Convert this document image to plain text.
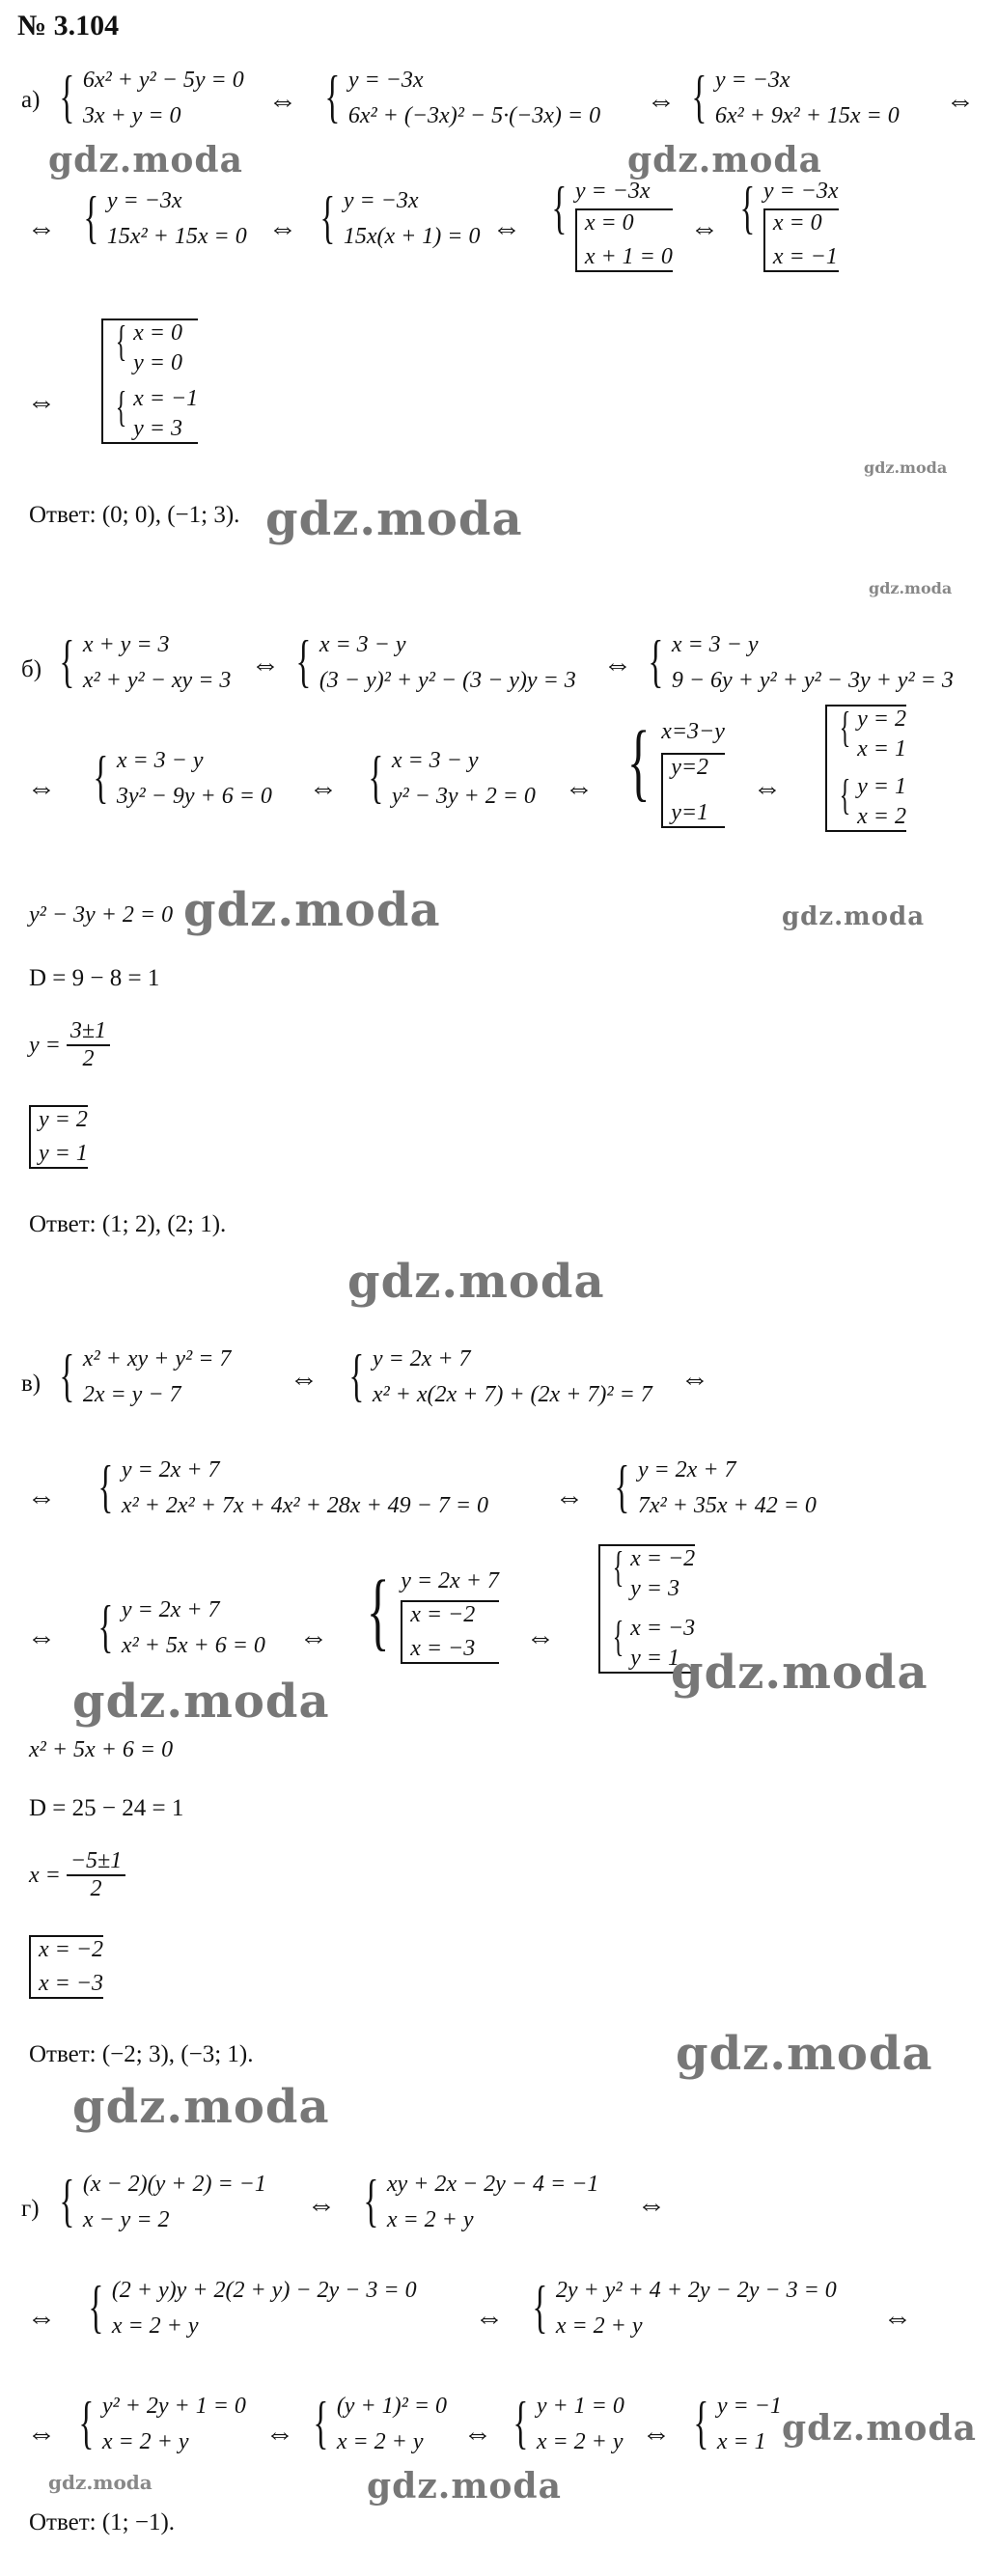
№ 3.104
а) { 6x² + y² − 5y = 0
3x + y = 0	⇔ { y = −3x
6x² + (−3x)² − 5·(−3x) = 0 ⇔ { y = −3x
6x² + 9x² + 15x = 0 ⇔
⇔ { y = −3x
15x² + 15x = 0 ⇔ { y = −3x
15x(x + 1) = 0 ⇔ { y = −3x
x = 0
x + 1 = 0
⇔ { y = −3x
x = 0
x = −1
⇔
{ x = 0
y = 0
{ x = −1
y = 3
Ответ: (0; 0), (−1; 3).
б) { x + y = 3
x² + y² − xy = 3 ⇔ { x = 3 − y
(3 − y)² + y² − (3 − y)y = 3 ⇔ { x = 3 − y
9 − 6y + y² + y² − 3y + y² = 3
⇔ { x = 3 − y
3y² − 9y + 6 = 0 ⇔ { x = 3 − y
y² − 3y + 2 = 0 ⇔ { x=3−y
y=2
y=1
⇔
{ y = 2
x = 1
{ y = 1
x = 2
y² − 3y + 2 = 0
D = 9 − 8 = 1
$y = \frac{3\pm 1}{2}$
y = 2
y = 1
Ответ: (1; 2), (2; 1).
в) { x² + xy + y² = 7
2x = y − 7	⇔ { y = 2x + 7
x² + x(2x + 7) + (2x + 7)² = 7 ⇔
⇔ { y = 2x + 7
x² + 2x² + 7x + 4x² + 28x + 49 − 7 = 0 ⇔ { y = 2x + 7
7x² + 35x + 42 = 0
⇔ { y = 2x + 7
x² + 5x + 6 = 0 ⇔ { y = 2x + 7
x = −2
x = −3	⇔
{ x = −2
y = 3
{ x = −3
y = 1
x² + 5x + 6 = 0
D = 25 − 24 = 1
$x = \frac{-5\pm 1}{2}$
x = −2
x = −3
Ответ: (−2; 3), (−3; 1).
г) { (x − 2)(y + 2) = −1
x − y = 2	⇔ { xy + 2x − 2y − 4 = −1
x = 2 + y	⇔
⇔ { (2 + y)y + 2(2 + y) − 2y − 3 = 0
x = 2 + y	⇔ { 2y + y² + 4 + 2y − 2y − 3 = 0
x = 2 + y	⇔
⇔ { y² + 2y + 1 = 0
x = 2 + y	⇔ { (y + 1)² = 0
x = 2 + y	⇔ { y + 1 = 0
x = 2 + y ⇔ { y = −1
x = 1
Ответ: (1; −1).
gdz.moda	gdz.moda
gdz.moda
gdz.moda
gdz.moda
gdz.moda	gdz.moda
gdz.moda
gdz.moda
gdz.moda
gdz.moda
gdz.moda
gdz.moda
gdz.moda	gdz.moda
